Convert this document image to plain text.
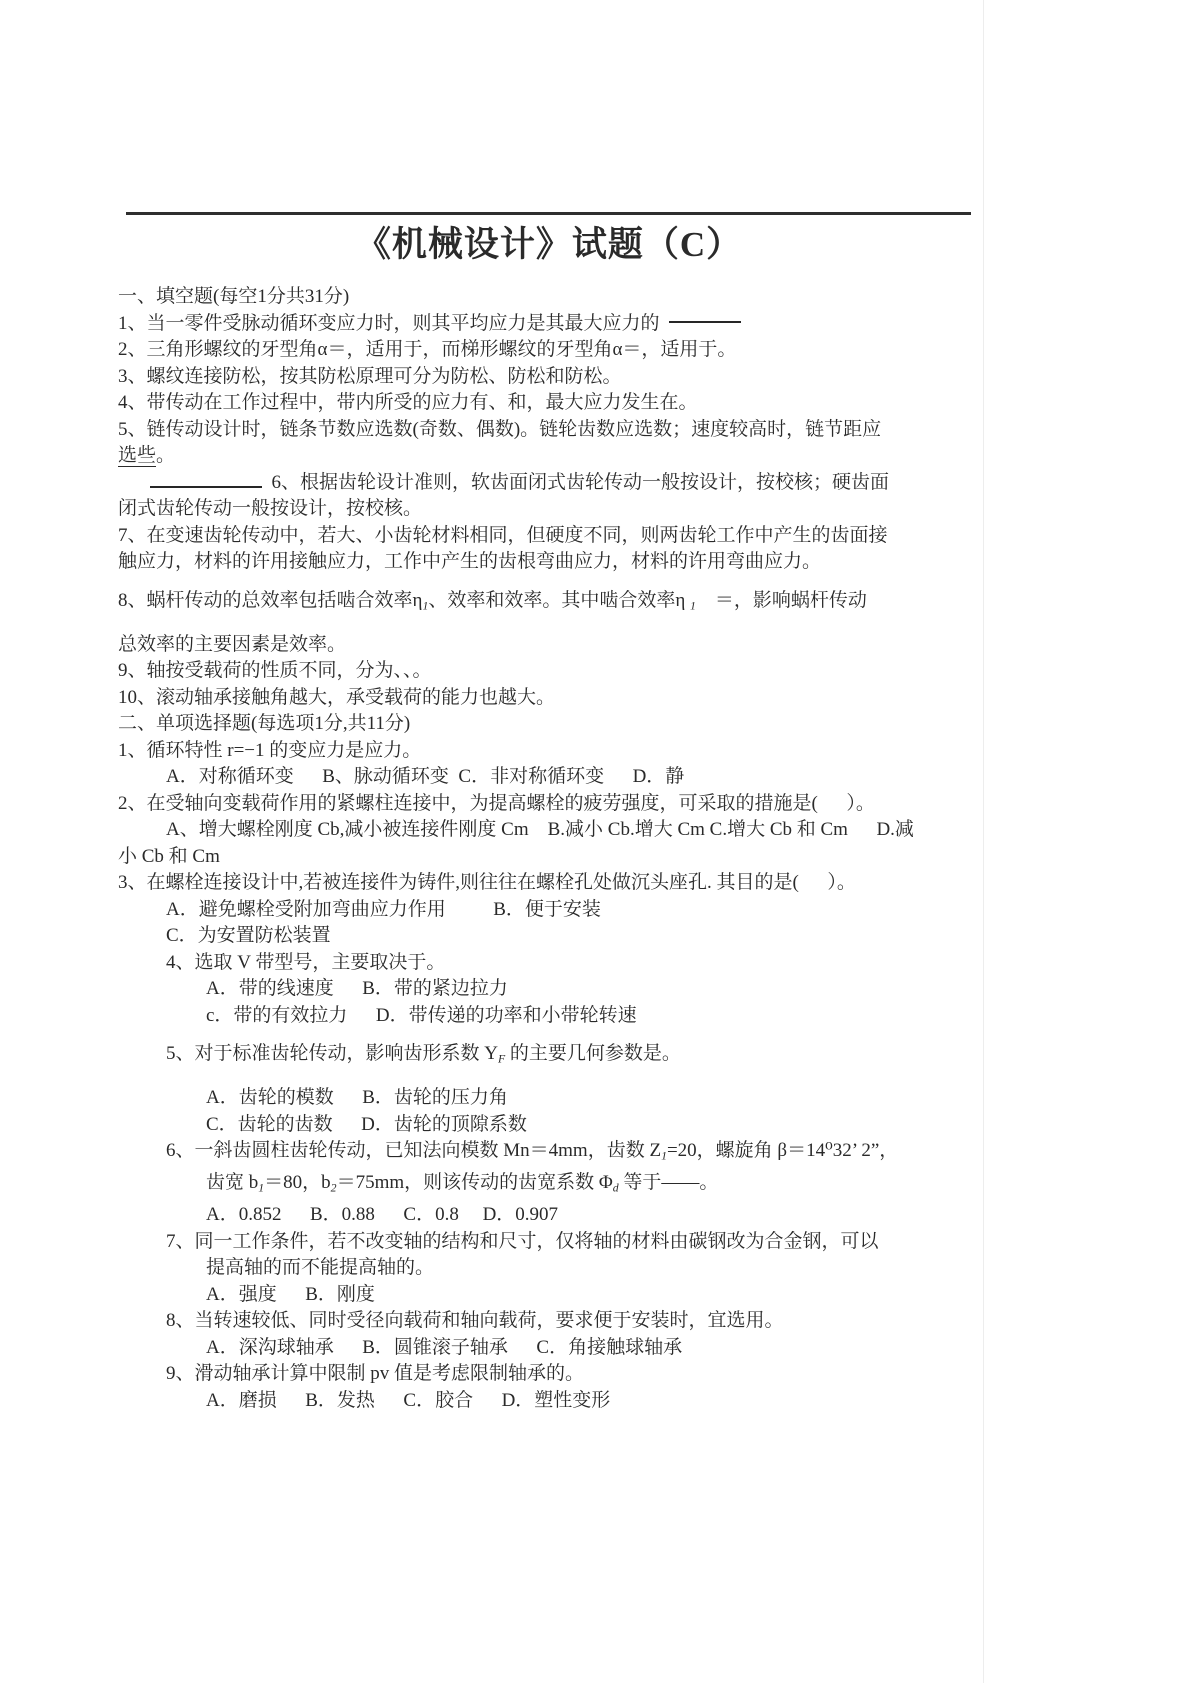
《机械设计》试题（C）
一、填空题(每空1分共31分)
1、当一零件受脉动循环变应力时，则其平均应力是其最大应力的
2、三角形螺纹的牙型角α＝，适用于，而梯形螺纹的牙型角α＝，适用于。
3、螺纹连接防松，按其防松原理可分为防松、防松和防松。
4、带传动在工作过程中，带内所受的应力有、和，最大应力发生在。
5、链传动设计时，链条节数应选数(奇数、偶数)。链轮齿数应选数；速度较高时，链节距应
选些。
6、根据齿轮设计准则，软齿面闭式齿轮传动一般按设计，按校核；硬齿面
闭式齿轮传动一般按设计，按校核。
7、在变速齿轮传动中，若大、小齿轮材料相同，但硬度不同，则两齿轮工作中产生的齿面接
触应力，材料的许用接触应力，工作中产生的齿根弯曲应力，材料的许用弯曲应力。
8、蜗杆传动的总效率包括啮合效率η1、效率和效率。其中啮合效率η 1　＝，影响蜗杆传动
总效率的主要因素是效率。
9、轴按受载荷的性质不同，分为、、。
10、滚动轴承接触角越大，承受载荷的能力也越大。
二、单项选择题(每选项1分,共11分)
1、循环特性 r=−1 的变应力是应力。
A．对称循环变　  B、脉动循环变  C．非对称循环变　  D．静
2、在受轴向变载荷作用的紧螺柱连接中，为提高螺栓的疲劳强度，可采取的措施是(　  ）。
A、增大螺栓刚度 Cb,减小被连接件刚度 Cm　B.减小 Cb.增大 Cm C.增大 Cb 和 Cm　  D.减
小 Cb 和 Cm
3、在螺栓连接设计中,若被连接件为铸件,则往往在螺栓孔处做沉头座孔. 其目的是(　  ）。
A．避免螺栓受附加弯曲应力作用　　  B．便于安装
C．为安置防松装置
4、选取 V 带型号，主要取决于。
A．带的线速度　  B．带的紧边拉力
c．带的有效拉力　  D．带传递的功率和小带轮转速
5、对于标准齿轮传动，影响齿形系数 YF 的主要几何参数是。
A．齿轮的模数　  B．齿轮的压力角
C．齿轮的齿数　  D．齿轮的顶隙系数
6、一斜齿圆柱齿轮传动，已知法向模数 Mn＝4mm，齿数 Z1=20，螺旋角 β＝14⁰32’ 2”，
齿宽 b1＝80，b2＝75mm，则该传动的齿宽系数 Φd 等于——。
A．0.852　  B．0.88　  C．0.8　 D．0.907
7、同一工作条件，若不改变轴的结构和尺寸，仅将轴的材料由碳钢改为合金钢，可以
提高轴的而不能提高轴的。
A．强度　  B．刚度
8、当转速较低、同时受径向载荷和轴向载荷，要求便于安装时，宜选用。
A．深沟球轴承　  B．圆锥滚子轴承　  C．角接触球轴承
9、滑动轴承计算中限制 pv 值是考虑限制轴承的。
A．磨损　  B．发热　  C．胶合　  D．塑性变形
